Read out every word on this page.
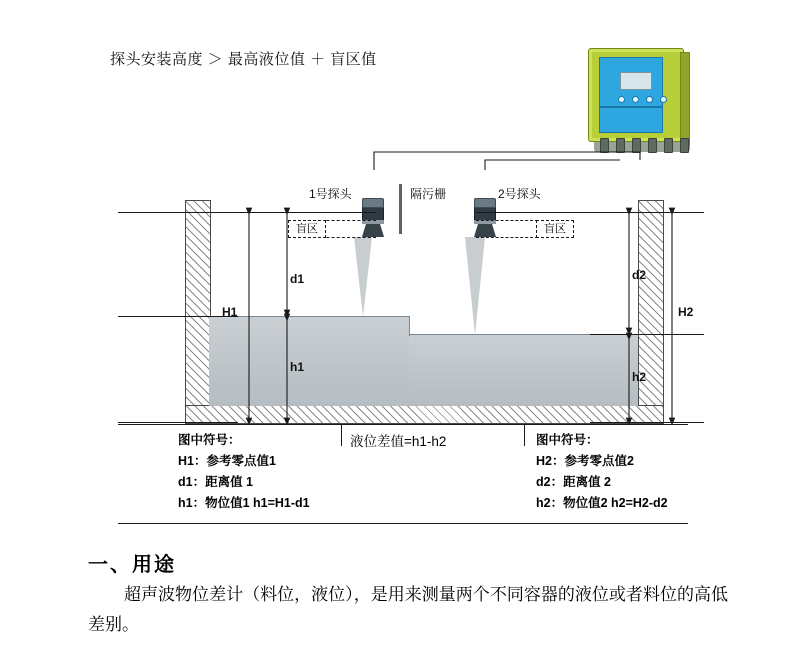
探头安装高度 ＞ 最高液位值 ＋ 盲区值
1号探头	隔污栅	2号探头
盲区	盲区
d1
h1
H1
d2
h2
H2
液位差值=h1-h2
图中符号：
H1：参考零点值1
d1：距离值 1
h1：物位值1 h1=H1-d1
图中符号：
H2：参考零点值2
d2：距离值 2
h2：物位值2 h2=H2-d2
一、用途
超声波物位差计（料位，液位），是用来测量两个不同容器的液位或者料位的高低差别。
